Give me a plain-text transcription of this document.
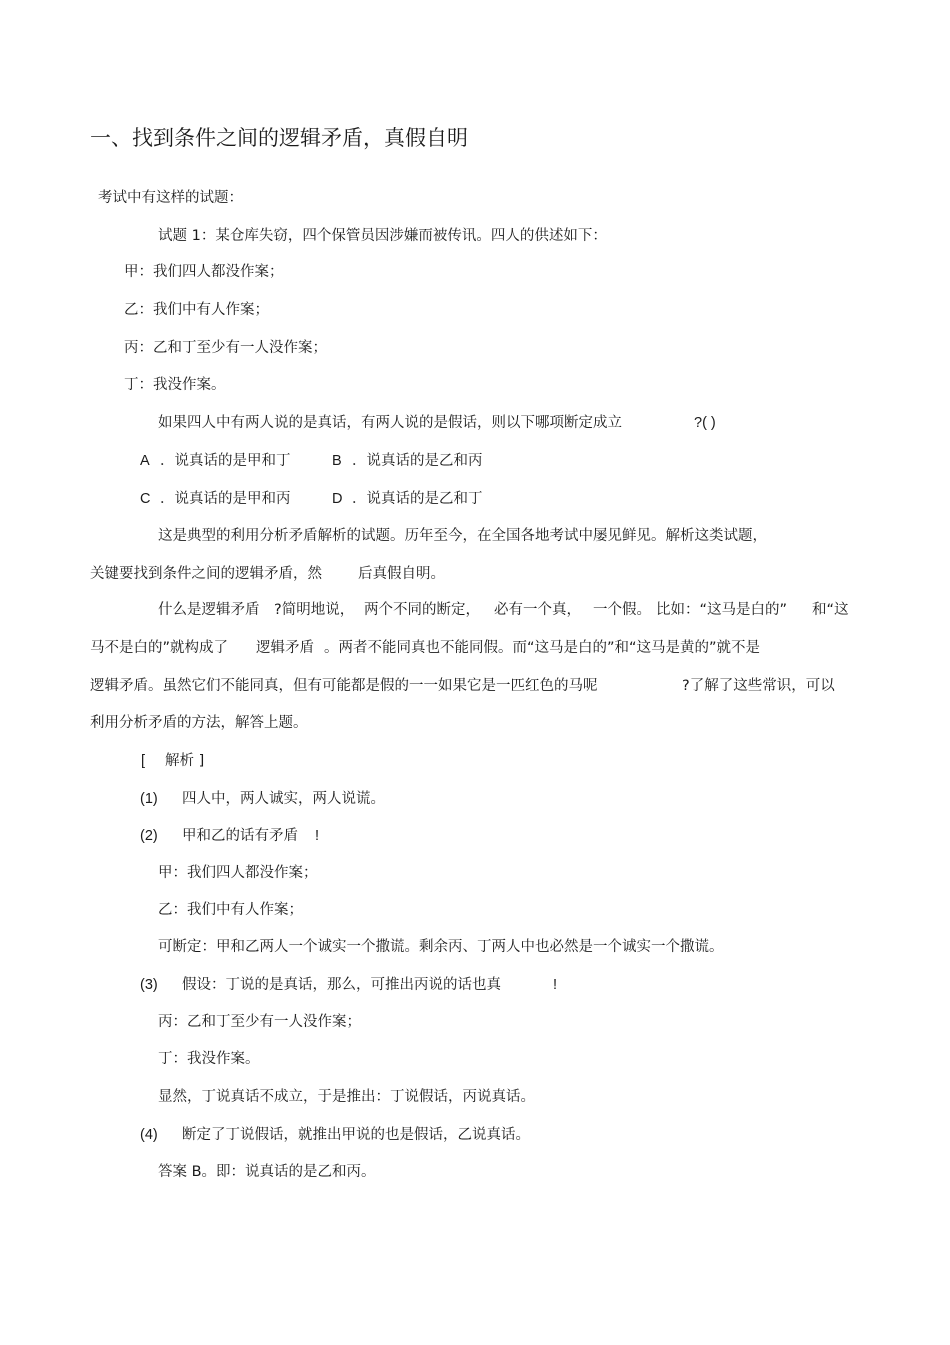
一、找到条件之间的逻辑矛盾，真假自明
考试中有这样的试题：
试题 1：某仓库失窃，四个保管员因涉嫌而被传讯。四人的供述如下：
甲：我们四人都没作案；
乙：我们中有人作案；
丙：乙和丁至少有一人没作案；
丁：我没作案。
如果四人中有两人说的是真话，有两人说的是假话，则以下哪项断定成立	?( )
A ．说真话的是甲和丁	B ．说真话的是乙和丙
C ．说真话的是甲和丙	D ．说真话的是乙和丁
这是典型的利用分析矛盾解析的试题。历年至今，在全国各地考试中屡见鲜见。解析这类试题，
关键要找到条件之间的逻辑矛盾，然 后真假自明。
什么是逻辑矛盾 ?简明地说， 两个不同的断定， 必有一个真， 一个假。 比如：“这马是白的” 和“这
马不是白的”就构成了 逻辑矛盾 。两者不能同真也不能同假。而“这马是白的”和“这马是黄的”就不是
逻辑矛盾。虽然它们不能同真，但有可能都是假的一一如果它是一匹红色的马呢	?了解了这些常识，可以
利用分析矛盾的方法，解答上题。
[ 解析 ]
(1) 四人中，两人诚实，两人说谎。
(2) 甲和乙的话有矛盾 !
甲：我们四人都没作案；
乙：我们中有人作案；
可断定：甲和乙两人一个诚实一个撒谎。剩余丙、丁两人中也必然是一个诚实一个撒谎。
(3) 假设：丁说的是真话，那么，可推出丙说的话也真	!
丙：乙和丁至少有一人没作案；
丁：我没作案。
显然，丁说真话不成立，于是推出：丁说假话，丙说真话。
(4) 断定了丁说假话，就推出甲说的也是假话，乙说真话。
答案 B。即：说真话的是乙和丙。
